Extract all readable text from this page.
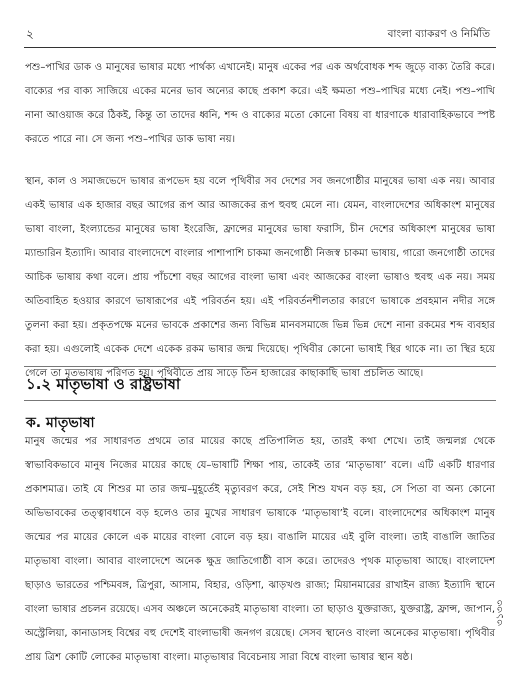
২	বাংলা ব্যাকরণ ও নির্মিতি

পশু–পাখির ডাক ও মানুষের ভাষার মধ্যে পার্থক্য এখানেই। মানুষ একের পর এক অর্থবোধক শব্দ জুড়ে বাক্য তৈরি করে। বাক্যের পর বাক্য সাজিয়ে একের মনের ভাব অন্যের কাছে প্রকাশ করে। এই ক্ষমতা পশু–পাখির মধ্যে নেই। পশু–পাখি নানা আওয়াজ করে ঠিকই, কিন্তু তা তাদের ধ্বনি, শব্দ ও বাক্যের মতো কোনো বিষয় বা ধারণাকে ধারাবাহিকভাবে স্পষ্ট করতে পারে না। সে জন্য পশু–পাখির ডাক ভাষা নয়।

স্থান, কাল ও সমাজভেদে ভাষার রূপভেদ হয় বলে পৃথিবীর সব দেশের সব জনগোষ্ঠীর মানুষের ভাষা এক নয়। আবার একই ভাষার এক হাজার বছর আগের রূপ আর আজকের রূপ হুবহু মেলে না। যেমন, বাংলাদেশের অধিকাংশ মানুষের ভাষা বাংলা, ইংল্যান্ডের মানুষের ভাষা ইংরেজি, ফ্রান্সের মানুষের ভাষা ফরাসি, চীন দেশের অধিকাংশ মানুষের ভাষা ম্যান্ডারিন ইত্যাদি। আবার বাংলাদেশে বাংলার পাশাপাশি চাকমা জনগোষ্ঠী নিজস্ব চাকমা ভাষায়, গারো জনগোষ্ঠী তাদের আচিক ভাষায় কথা বলে। প্রায় পাঁচশো বছর আগের বাংলা ভাষা এবং আজকের বাংলা ভাষাও হুবহু এক নয়। সময় অতিবাহিত হওয়ার কারণে ভাষারূপের এই পরিবর্তন হয়। এই পরিবর্তনশীলতার কারণে ভাষাকে প্রবহমান নদীর সঙ্গে তুলনা করা হয়। প্রকৃতপক্ষে মনের ভাবকে প্রকাশের জন্য বিভিন্ন মানবসমাজে ভিন্ন ভিন্ন দেশে নানা রকমের শব্দ ব্যবহার করা হয়। এগুলোই একেক দেশে একেক রকম ভাষার জন্ম দিয়েছে। পৃথিবীর কোনো ভাষাই স্থির থাকে না। তা স্থির হয়ে গেলে তা মৃতভাষায় পরিণত হয়। পৃথিবীতে প্রায় সাড়ে তিন হাজারের কাছাকাছি ভাষা প্রচলিত আছে।

১.২ মাতৃভাষা ও রাষ্ট্রভাষা
ক. মাতৃভাষা

মানুষ জন্মের পর সাধারণত প্রথমে তার মায়ের কাছে প্রতিপালিত হয়, তারই কথা শেখে। তাই জন্মলগ্ন থেকে স্বাভাবিকভাবে মানুষ নিজের মায়ের কাছে যে–ভাষাটি শিক্ষা পায়, তাকেই তার ‘মাতৃভাষা’ বলে। এটি একটি ধারণার প্রকাশমাত্র। তাই যে শিশুর মা তার জন্ম–মুহূর্তেই মৃত্যুবরণ করে, সেই শিশু যখন বড় হয়, সে পিতা বা অন্য কোনো অভিভাবকের তত্ত্বাবধানে বড় হলেও তার মুখের সাধারণ ভাষাকে ‘মাতৃভাষা’ই বলে। বাংলাদেশের অধিকাংশ মানুষ জন্মের পর মায়ের কোলে এক মায়ের বাংলা বোলে বড় হয়। বাঙালি মায়ের এই বুলি বাংলা। তাই বাঙালি জাতির মাতৃভাষা বাংলা। আবার বাংলাদেশে অনেক ক্ষুদ্র জাতিগোষ্ঠী বাস করে। তাদেরও পৃথক মাতৃভাষা আছে। বাংলাদেশ ছাড়াও ভারতের পশ্চিমবঙ্গ, ত্রিপুরা, আসাম, বিহার, ওড়িশা, ঝাড়খণ্ড রাজ্য; মিয়ানমারের রাখাইন রাজ্য ইত্যাদি স্থানে বাংলা ভাষার প্রচলন রয়েছে। এসব অঞ্চলে অনেকেরই মাতৃভাষা বাংলা। তা ছাড়াও যুক্তরাজ্য, যুক্তরাষ্ট্র, ফ্রান্স, জাপান, অস্ট্রেলিয়া, কানাডাসহ বিশ্বের বহু দেশেই বাংলাভাষী জনগণ রয়েছে। সেসব স্থানেও বাংলা অনেকের মাতৃভাষা। পৃথিবীর প্রায় ত্রিশ কোটি লোকের মাতৃভাষা বাংলা। মাতৃভাষার বিবেচনায় সারা বিশ্বে বাংলা ভাষার স্থান ষষ্ঠ।

৩১৩৩
